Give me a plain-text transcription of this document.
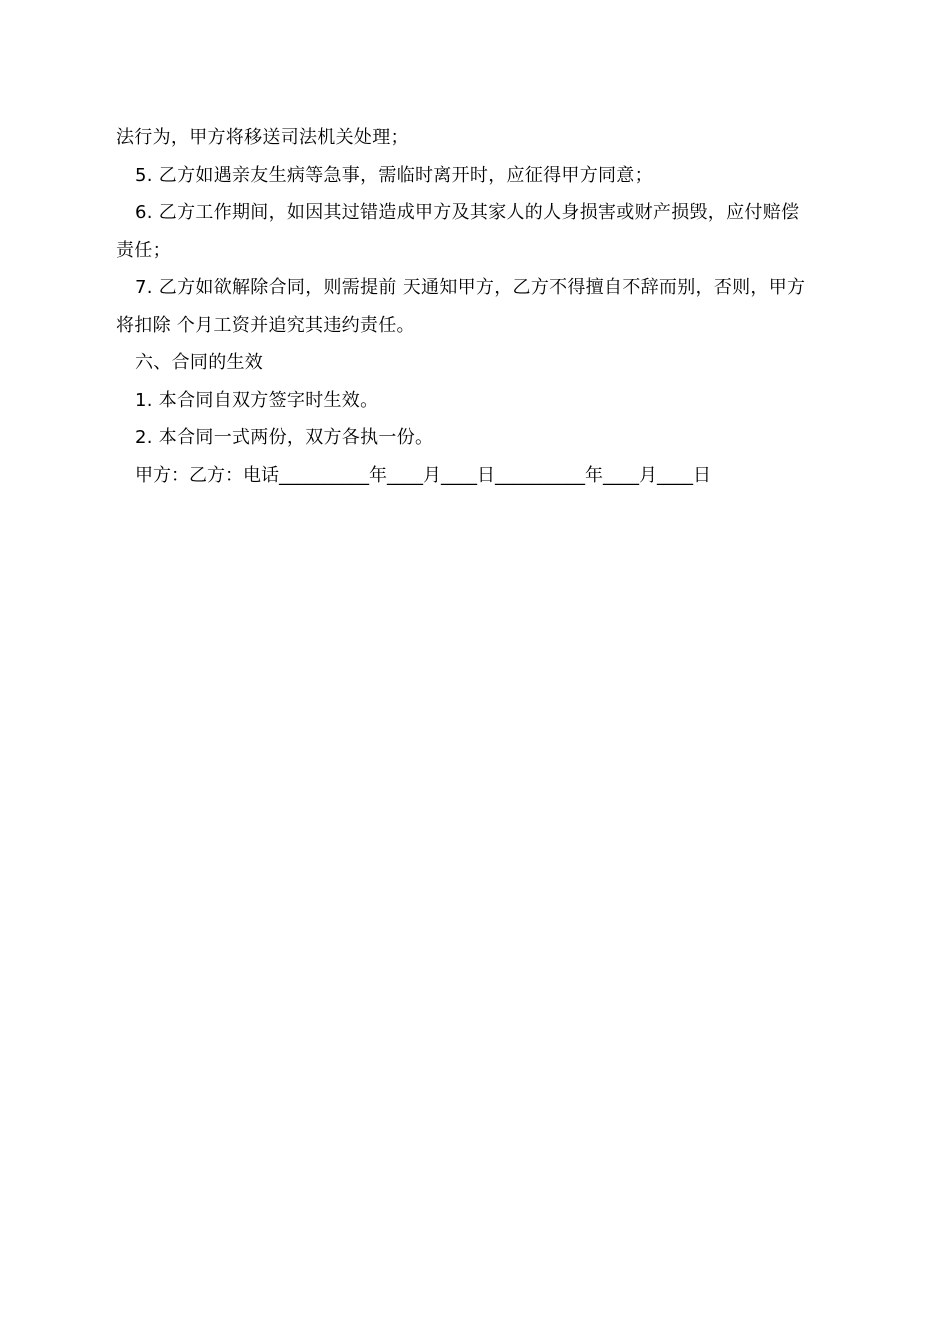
法行为，甲方将移送司法机关处理；
5. 乙方如遇亲友生病等急事，需临时离开时，应征得甲方同意；
6. 乙方工作期间，如因其过错造成甲方及其家人的人身损害或财产损毁，应付赔偿
责任；
7. 乙方如欲解除合同，则需提前 天通知甲方，乙方不得擅自不辞而别，否则，甲方
将扣除 个月工资并追究其违约责任。
六、合同的生效
1. 本合同自双方签字时生效。
2. 本合同一式两份，双方各执一份。
甲方：乙方：电话__________年____月____日__________年____月____日
